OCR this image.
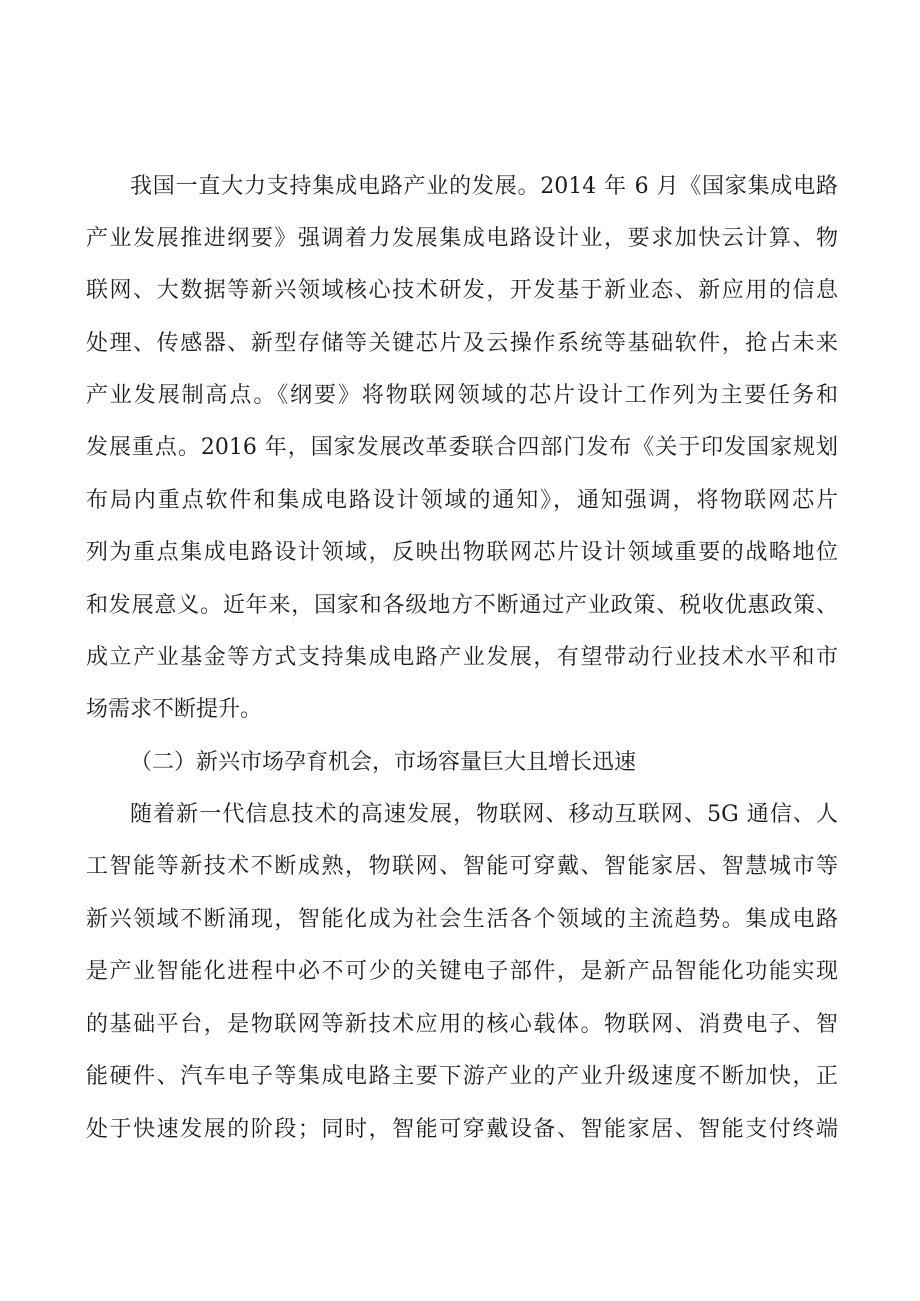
我国一直大力支持集成电路产业的发展。2014 年 6 月《国家集成电路
产业发展推进纲要》强调着力发展集成电路设计业，要求加快云计算、物
联网、大数据等新兴领域核心技术研发，开发基于新业态、新应用的信息
处理、传感器、新型存储等关键芯片及云操作系统等基础软件，抢占未来
产业发展制高点。《纲要》将物联网领域的芯片设计工作列为主要任务和
发展重点。2016 年，国家发展改革委联合四部门发布《关于印发国家规划
布局内重点软件和集成电路设计领域的通知》，通知强调，将物联网芯片
列为重点集成电路设计领域，反映出物联网芯片设计领域重要的战略地位
和发展意义。近年来，国家和各级地方不断通过产业政策、税收优惠政策、
成立产业基金等方式支持集成电路产业发展，有望带动行业技术水平和市
场需求不断提升。
（二）新兴市场孕育机会，市场容量巨大且增长迅速
随着新一代信息技术的高速发展，物联网、移动互联网、5G 通信、人
工智能等新技术不断成熟，物联网、智能可穿戴、智能家居、智慧城市等
新兴领域不断涌现，智能化成为社会生活各个领域的主流趋势。集成电路
是产业智能化进程中必不可少的关键电子部件，是新产品智能化功能实现
的基础平台，是物联网等新技术应用的核心载体。物联网、消费电子、智
能硬件、汽车电子等集成电路主要下游产业的产业升级速度不断加快，正
处于快速发展的阶段；同时，智能可穿戴设备、智能家居、智能支付终端
